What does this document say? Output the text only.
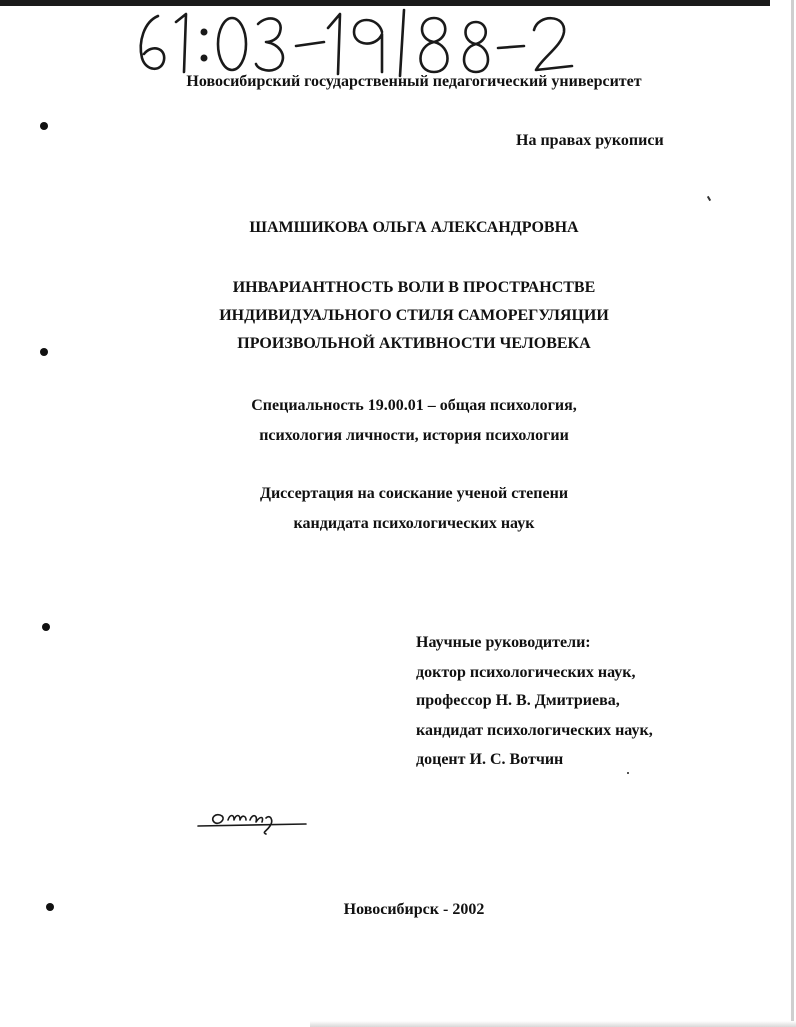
Новосибирский государственный педагогический университет
На правах рукописи
ШАМШИКОВА ОЛЬГА АЛЕКСАНДРОВНА
ИНВАРИАНТНОСТЬ ВОЛИ В ПРОСТРАНСТВЕ
ИНДИВИДУАЛЬНОГО СТИЛЯ САМОРЕГУЛЯЦИИ
ПРОИЗВОЛЬНОЙ АКТИВНОСТИ ЧЕЛОВЕКА
Специальность 19.00.01 – общая психология,
психология личности, история психологии
Диссертация на соискание ученой степени
кандидата психологических наук
Научные руководители:
доктор психологических наук,
профессор Н. В. Дмитриева,
кандидат психологических наук,
доцент И. С. Вотчин
Новосибирск - 2002
